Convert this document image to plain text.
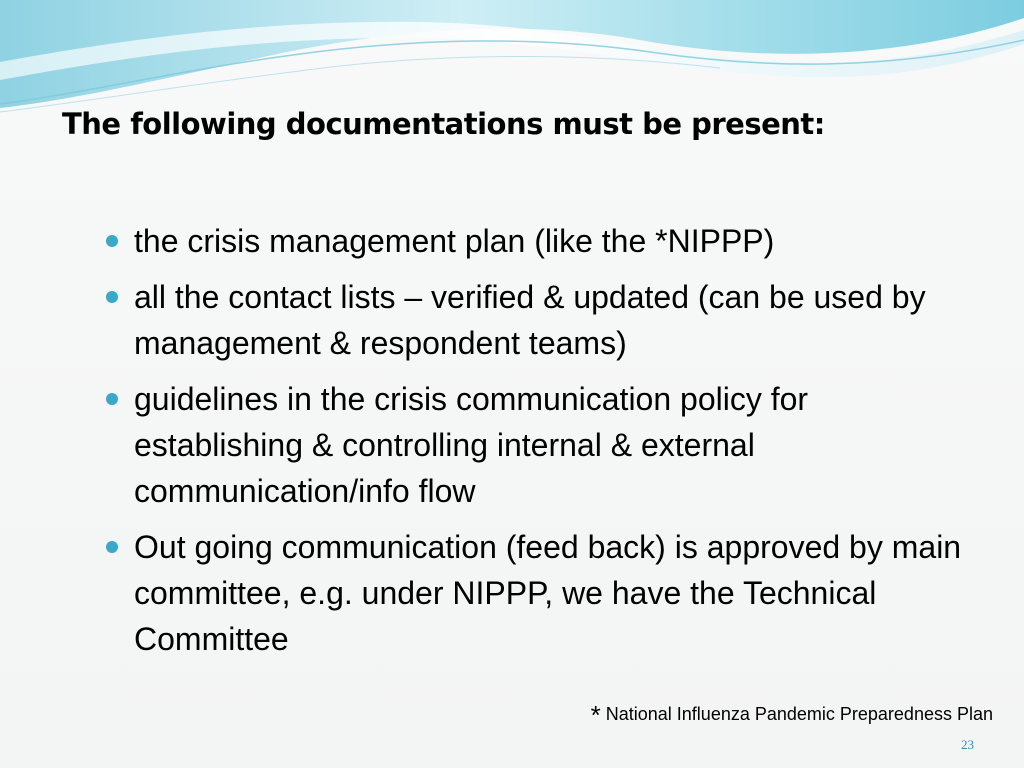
The following documentations must be present:
the crisis management plan (like the *NIPPP)
all the contact lists – verified & updated (can be used by management & respondent teams)
guidelines in the crisis communication policy for establishing & controlling internal & external communication/info flow
Out going communication (feed back) is approved by main committee, e.g. under NIPPP, we have the Technical Committee
* National Influenza Pandemic Preparedness Plan
23
